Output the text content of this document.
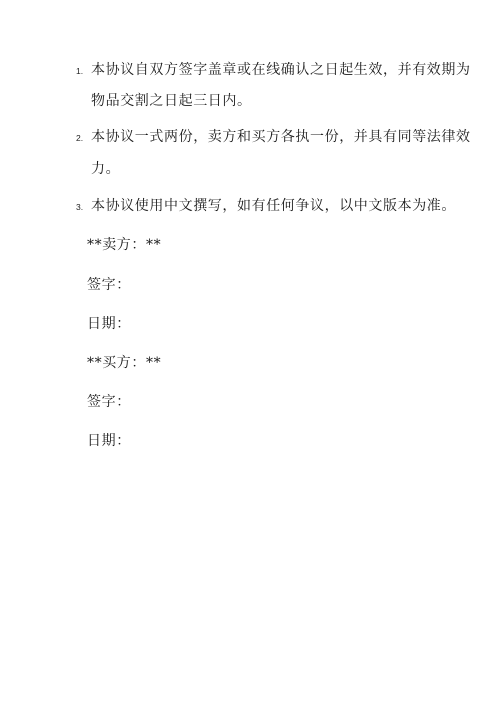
1. 本协议自双方签字盖章或在线确认之日起生效，并有效期为
物品交割之日起三日内。
2. 本协议一式两份，卖方和买方各执一份，并具有同等法律效
力。
3. 本协议使用中文撰写，如有任何争议，以中文版本为准。
**卖方：**
签字：
日期：
**买方：**
签字：
日期：
